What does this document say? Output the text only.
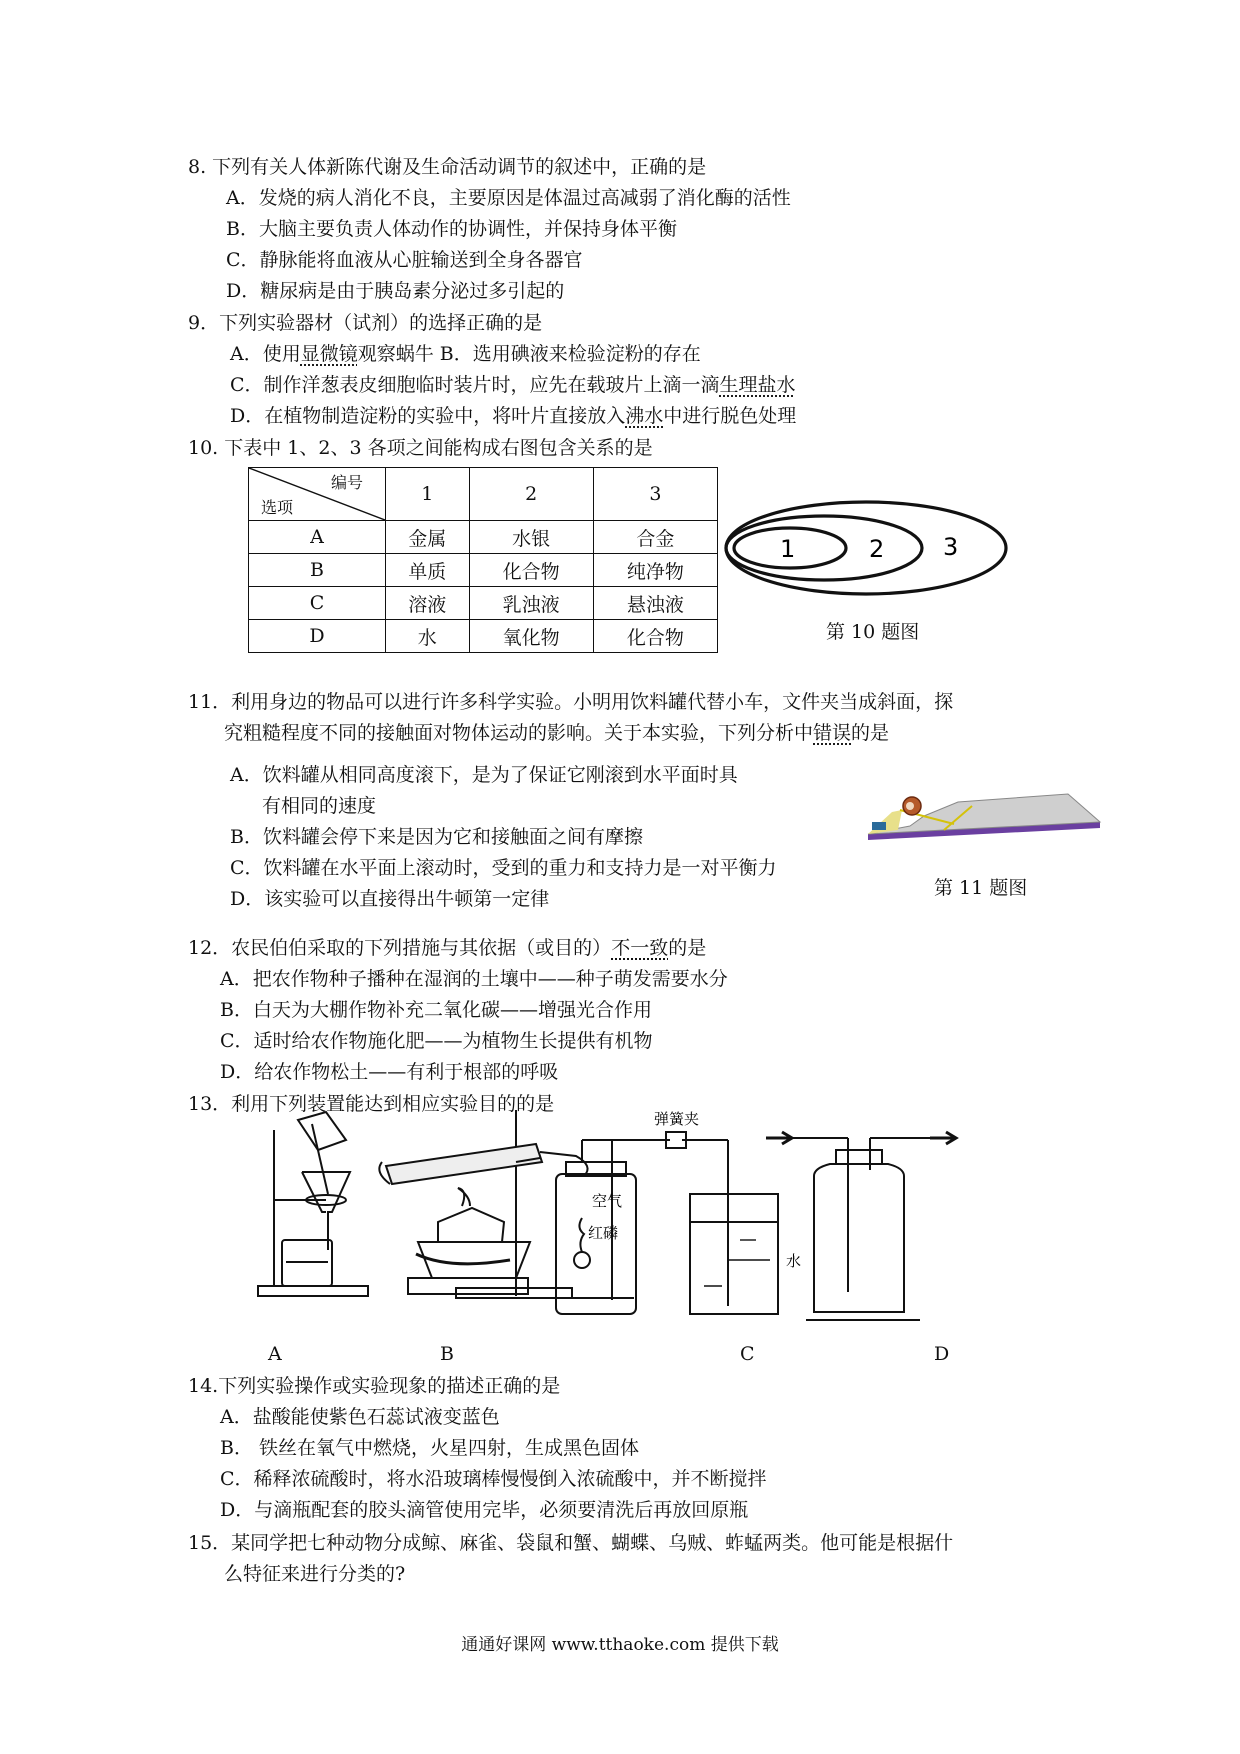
8. 下列有关人体新陈代谢及生命活动调节的叙述中，正确的是
A．发烧的病人消化不良，主要原因是体温过高减弱了消化酶的活性
B．大脑主要负责人体动作的协调性，并保持身体平衡
C．静脉能将血液从心脏输送到全身各器官
D．糖尿病是由于胰岛素分泌过多引起的
9．下列实验器材（试剂）的选择正确的是
A．使用显微镜观察蜗牛 B．选用碘液来检验淀粉的存在
C．制作洋葱表皮细胞临时装片时，应先在载玻片上滴一滴生理盐水
D．在植物制造淀粉的实验中，将叶片直接放入沸水中进行脱色处理
10. 下表中 1、2、3 各项之间能构成右图包含关系的是
编号
选项	1	2	3
A	金属	水银	合金
B	单质	化合物	纯净物
C	溶液	乳浊液	悬浊液
D	水	氧化物	化合物
1	2 3
第 10 题图
11．利用身边的物品可以进行许多科学实验。小明用饮料罐代替小车，文件夹当成斜面，探
究粗糙程度不同的接触面对物体运动的影响。关于本实验，下列分析中错误的是
A．饮料罐从相同高度滚下，是为了保证它刚滚到水平面时具
有相同的速度
B．饮料罐会停下来是因为它和接触面之间有摩擦
C．饮料罐在水平面上滚动时，受到的重力和支持力是一对平衡力
D．该实验可以直接得出牛顿第一定律	第 11 题图
12．农民伯伯采取的下列措施与其依据（或目的）不一致的是
A．把农作物种子播种在湿润的土壤中——种子萌发需要水分
B．白天为大棚作物补充二氧化碳——增强光合作用
C．适时给农作物施化肥——为植物生长提供有机物
D．给农作物松土——有利于根部的呼吸
13．利用下列装置能达到相应实验目的的是
弹簧夹
空气
红磷
水
A	B	C	D
14.下列实验操作或实验现象的描述正确的是
A．盐酸能使紫色石蕊试液变蓝色
B． 铁丝在氧气中燃烧，火星四射，生成黑色固体
C．稀释浓硫酸时，将水沿玻璃棒慢慢倒入浓硫酸中，并不断搅拌
D．与滴瓶配套的胶头滴管使用完毕，必须要清洗后再放回原瓶
15．某同学把七种动物分成鲸、麻雀、袋鼠和蟹、蝴蝶、乌贼、蚱蜢两类。他可能是根据什
么特征来进行分类的?
通通好课网 www.tthaoke.com 提供下载
